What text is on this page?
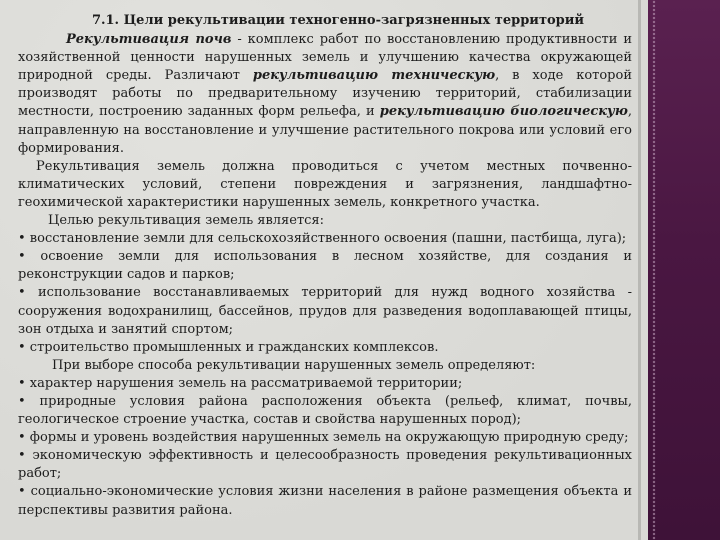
7.1. Цели рекультивации техногенно-загрязненных территорий

Рекультивация почв - комплекс работ по восстановлению продуктивности и хозяйственной ценности нарушенных земель и улучшению качества окружающей природной среды. Различают рекультивацию техническую, в ходе которой производят работы по предварительному изучению территорий, стабилизации местности, построению заданных форм рельефа, и рекультивацию биологическую, направленную на восстановление и улучшение растительного покрова или условий его формирования.

Рекультивация земель должна проводиться с учетом местных почвенно-климатических условий, степени повреждения и загрязнения, ландшафтно-геохимической характеристики нарушенных земель, конкретного участка.

Целью рекультивация земель является:

• восстановление земли для сельскохозяйственного освоения (пашни, пастбища, луга);

• освоение земли для использования в лесном хозяйстве, для создания и реконструкции садов и парков;

• использование восстанавливаемых территорий для нужд водного хозяйства - сооружения водохранилищ, бассейнов, прудов для разведения водоплавающей птицы, зон отдыха и занятий спортом;

• строительство промышленных и гражданских комплексов.

При выборе способа рекультивации нарушенных земель определяют:

• характер нарушения земель на рассматриваемой территории;

• природные условия района расположения объекта (рельеф, климат, почвы, геологическое строение участка, состав и свойства нарушенных пород);

• формы и уровень воздействия нарушенных земель на окружающую природную среду;

• экономическую эффективность и целесообразность проведения рекультивационных работ;

• социально-экономические условия жизни населения в районе размещения объекта и перспективы развития района.
